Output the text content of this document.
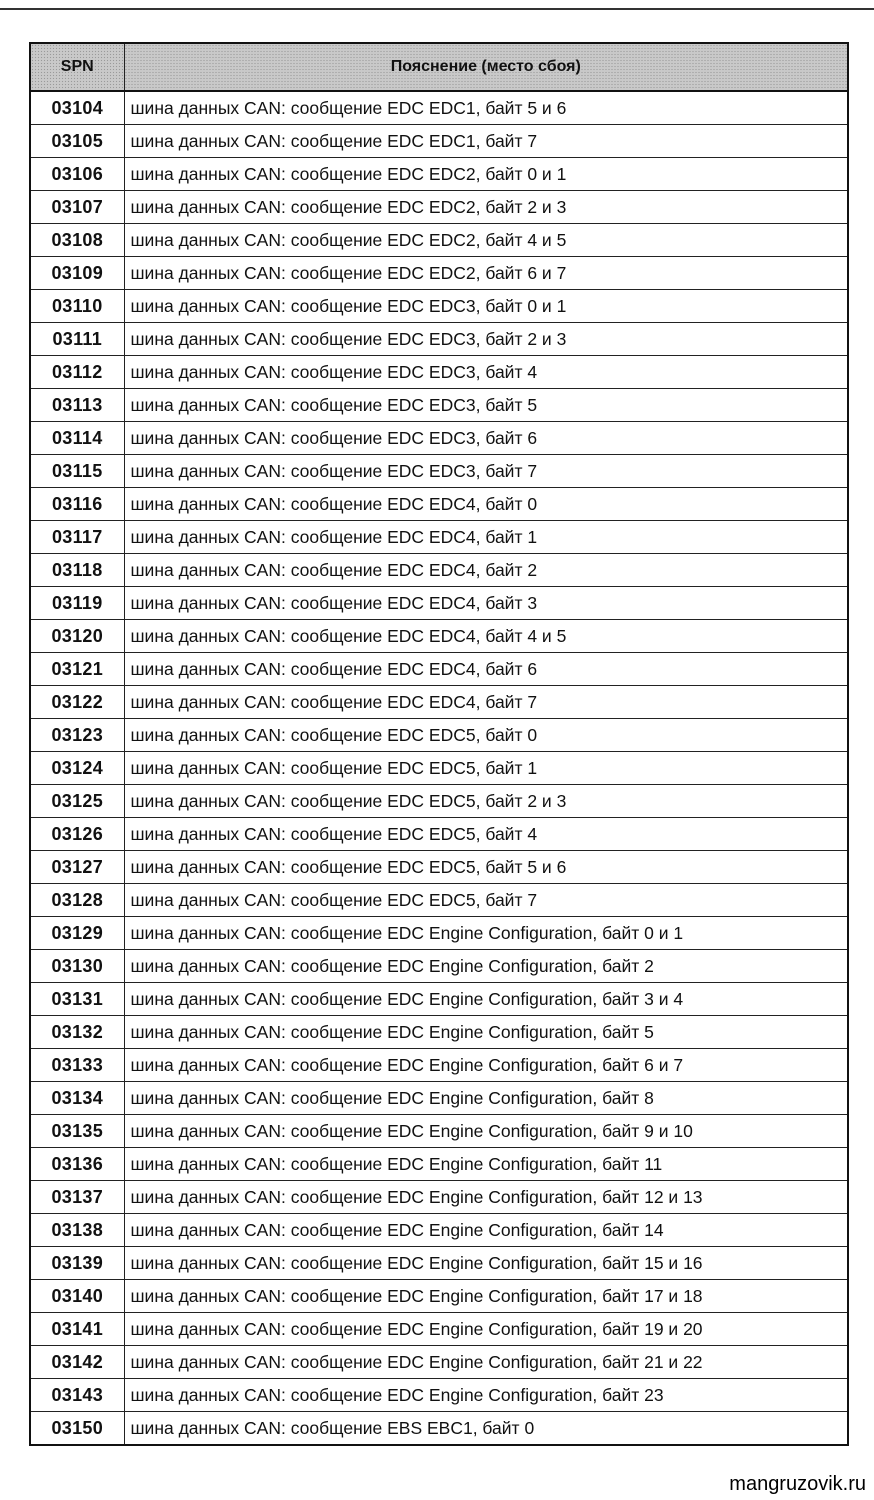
SPN	Пояснение (место сбоя)
03104	шина данных CAN: сообщение EDC EDC1, байт 5 и 6
03105	шина данных CAN: сообщение EDC EDC1, байт 7
03106	шина данных CAN: сообщение EDC EDC2, байт 0 и 1
03107	шина данных CAN: сообщение EDC EDC2, байт 2 и 3
03108	шина данных CAN: сообщение EDC EDC2, байт 4 и 5
03109	шина данных CAN: сообщение EDC EDC2, байт 6 и 7
03110	шина данных CAN: сообщение EDC EDC3, байт 0 и 1
03111	шина данных CAN: сообщение EDC EDC3, байт 2 и 3
03112	шина данных CAN: сообщение EDC EDC3, байт 4
03113	шина данных CAN: сообщение EDC EDC3, байт 5
03114	шина данных CAN: сообщение EDC EDC3, байт 6
03115	шина данных CAN: сообщение EDC EDC3, байт 7
03116	шина данных CAN: сообщение EDC EDC4, байт 0
03117	шина данных CAN: сообщение EDC EDC4, байт 1
03118	шина данных CAN: сообщение EDC EDC4, байт 2
03119	шина данных CAN: сообщение EDC EDC4, байт 3
03120	шина данных CAN: сообщение EDC EDC4, байт 4 и 5
03121	шина данных CAN: сообщение EDC EDC4, байт 6
03122	шина данных CAN: сообщение EDC EDC4, байт 7
03123	шина данных CAN: сообщение EDC EDC5, байт 0
03124	шина данных CAN: сообщение EDC EDC5, байт 1
03125	шина данных CAN: сообщение EDC EDC5, байт 2 и 3
03126	шина данных CAN: сообщение EDC EDC5, байт 4
03127	шина данных CAN: сообщение EDC EDC5, байт 5 и 6
03128	шина данных CAN: сообщение EDC EDC5, байт 7
03129	шина данных CAN: сообщение EDC Engine Configuration, байт 0 и 1
03130	шина данных CAN: сообщение EDC Engine Configuration, байт 2
03131	шина данных CAN: сообщение EDC Engine Configuration, байт 3 и 4
03132	шина данных CAN: сообщение EDC Engine Configuration, байт 5
03133	шина данных CAN: сообщение EDC Engine Configuration, байт 6 и 7
03134	шина данных CAN: сообщение EDC Engine Configuration, байт 8
03135	шина данных CAN: сообщение EDC Engine Configuration, байт 9 и 10
03136	шина данных CAN: сообщение EDC Engine Configuration, байт 11
03137	шина данных CAN: сообщение EDC Engine Configuration, байт 12 и 13
03138	шина данных CAN: сообщение EDC Engine Configuration, байт 14
03139	шина данных CAN: сообщение EDC Engine Configuration, байт 15 и 16
03140	шина данных CAN: сообщение EDC Engine Configuration, байт 17 и 18
03141	шина данных CAN: сообщение EDC Engine Configuration, байт 19 и 20
03142	шина данных CAN: сообщение EDC Engine Configuration, байт 21 и 22
03143	шина данных CAN: сообщение EDC Engine Configuration, байт 23
03150	шина данных CAN: сообщение EBS EBC1, байт 0
mangruzovik.ru
